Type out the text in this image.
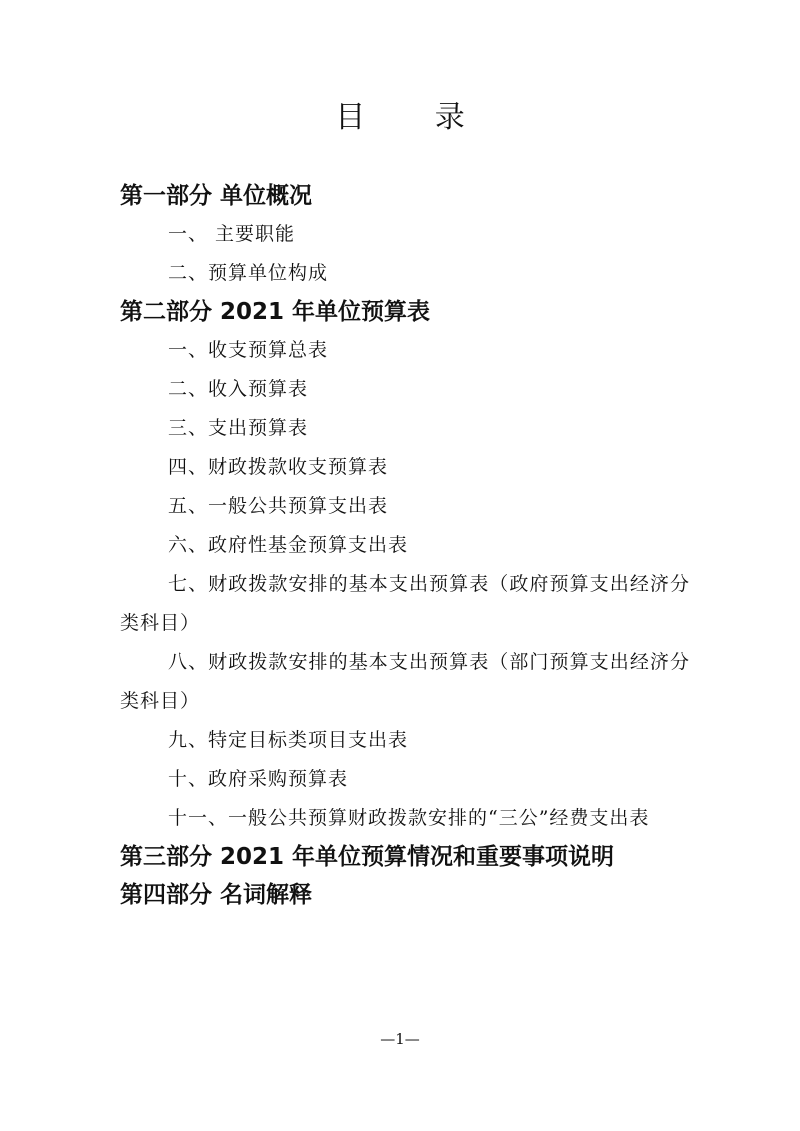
目 录
第一部分 单位概况
一、 主要职能
二、预算单位构成
第二部分 2021 年单位预算表
一、收支预算总表
二、收入预算表
三、支出预算表
四、财政拨款收支预算表
五、一般公共预算支出表
六、政府性基金预算支出表
七、财政拨款安排的基本支出预算表（政府预算支出经济分类科目）
八、财政拨款安排的基本支出预算表（部门预算支出经济分类科目）
九、特定目标类项目支出表
十、政府采购预算表
十一、一般公共预算财政拨款安排的“三公”经费支出表
第三部分 2021 年单位预算情况和重要事项说明
第四部分 名词解释
—1—
